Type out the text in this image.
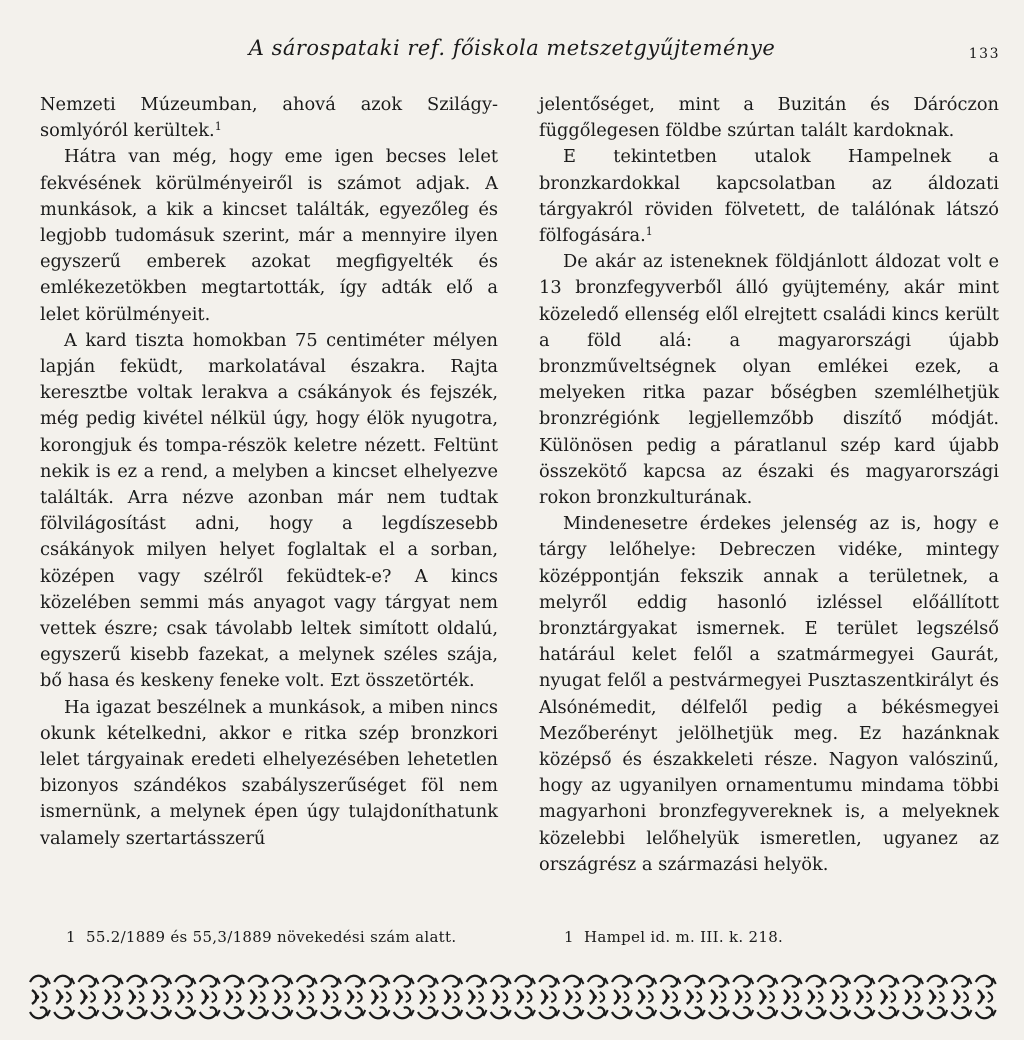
A sárospataki ref. főiskola metszetgyűjteménye	133

Nemzeti Múzeumban, ahová azok Szilágy-somlyóról kerültek.$^1$

Hátra van még, hogy eme igen becses lelet fekvésének körülményeiről is számot adjak. A munkások, a kik a kincset találták, egyezőleg és legjobb tudomásuk szerint, már a mennyire ilyen egyszerű emberek azokat megfigyelték és emlékezetökben megtartották, így adták elő a lelet körülményeit.

A kard tiszta homokban 75 centiméter mélyen lapján feküdt, markolatával északra. Rajta keresztbe voltak lerakva a csákányok és fejszék, még pedig kivétel nélkül úgy, hogy élök nyugotra, korongjuk és tompa-részök keletre nézett. Feltünt nekik is ez a rend, a melyben a kincset elhelyezve találták. Arra nézve azonban már nem tudtak fölvilágosítást adni, hogy a legdíszesebb csákányok milyen helyet foglaltak el a sorban, középen vagy szélről feküdtek-e? A kincs közelében semmi más anyagot vagy tárgyat nem vettek észre; csak távolabb leltek simított oldalú, egyszerű kisebb fazekat, a melynek széles szája, bő hasa és keskeny feneke volt. Ezt összetörték.

Ha igazat beszélnek a munkások, a miben nincs okunk kételkedni, akkor e ritka szép bronzkori lelet tárgyainak eredeti elhelyezésében lehetetlen bizonyos szándékos szabályszerűséget föl nem ismernünk, a melynek épen úgy tulajdoníthatunk valamely szertartásszerű

jelentőséget, mint a Buzitán és Dáróczon függőlegesen földbe szúrtan talált kardoknak.

E tekintetben utalok Hampelnek a bronzkardokkal kapcsolatban az áldozati tárgyakról röviden fölvetett, de találónak látszó fölfogására.$^1$

De akár az isteneknek földjánlott áldozat volt e 13 bronzfegyverből álló gyüjtemény, akár mint közeledő ellenség elől elrejtett családi kincs került a föld alá: a magyarországi újabb bronzműveltségnek olyan emlékei ezek, a melyeken ritka pazar bőségben szemlélhetjük bronzrégiónk legjellemzőbb diszítő módját. Különösen pedig a páratlanul szép kard újabb összekötő kapcsa az északi és magyarországi rokon bronzkulturának.

Mindenesetre érdekes jelenség az is, hogy e tárgy lelőhelye: Debreczen vidéke, mintegy középpontján fekszik annak a területnek, a melyről eddig hasonló izléssel előállított bronztárgyakat ismernek. E terület legszélső határául kelet felől a szatmármegyei Gaurát, nyugat felől a pestvármegyei Pusztaszentkirályt és Alsónémedit, délfelől pedig a békésmegyei Mezőberényt jelölhetjük meg. Ez hazánknak középső és északkeleti része. Nagyon valószinű, hogy az ugyanilyen ornamentumu mindama többi magyarhoni bronzfegyvereknek is, a melyeknek közelebbi lelőhelyük ismeretlen, ugyanez az országrész a származási helyök.

1 55.2/1889 és 55,3/1889 növekedési szám alatt.	1 Hampel id. m. III. k. 218.
